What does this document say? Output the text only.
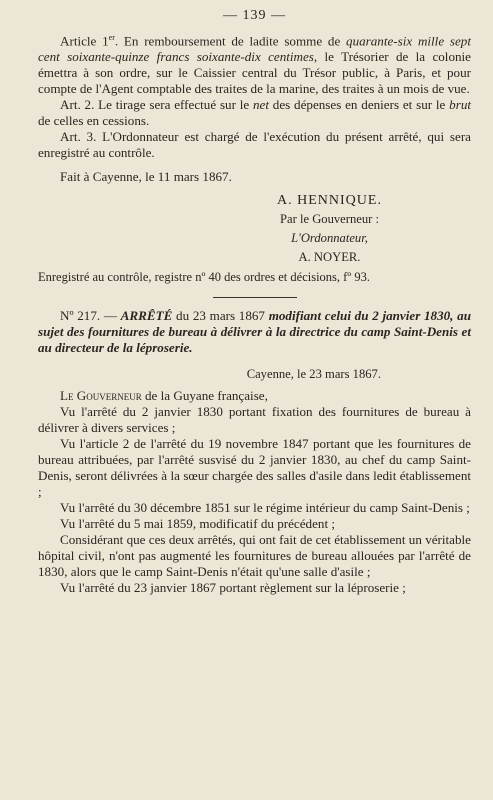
— 139 —

Article 1er. En remboursement de ladite somme de quarante-six mille sept cent soixante-quinze francs soixante-dix centimes, le Trésorier de la colonie émettra à son ordre, sur le Caissier central du Trésor public, à Paris, et pour compte de l'Agent comptable des traites de la marine, des traites à un mois de vue.

Art. 2. Le tirage sera effectué sur le net des dépenses en deniers et sur le brut de celles en cessions.

Art. 3. L'Ordonnateur est chargé de l'exécution du présent arrêté, qui sera enregistré au contrôle.

Fait à Cayenne, le 11 mars 1867.

A. HENNIQUE.
Par le Gouverneur :
L'Ordonnateur,
A. NOYER.

Enregistré au contrôle, registre nº 40 des ordres et décisions, fº 93.

Nº 217. — ARRÊTÉ du 23 mars 1867 modifiant celui du 2 janvier 1830, au sujet des fournitures de bureau à délivrer à la directrice du camp Saint-Denis et au directeur de la léproserie.

Cayenne, le 23 mars 1867.

Le Gouverneur de la Guyane française,

Vu l'arrêté du 2 janvier 1830 portant fixation des fournitures de bureau à délivrer à divers services ;

Vu l'article 2 de l'arrêté du 19 novembre 1847 portant que les fournitures de bureau attribuées, par l'arrêté susvisé du 2 janvier 1830, au chef du camp Saint-Denis, seront délivrées à la sœur chargée des salles d'asile dans ledit établissement ;

Vu l'arrêté du 30 décembre 1851 sur le régime intérieur du camp Saint-Denis ;

Vu l'arrêté du 5 mai 1859, modificatif du précédent ;

Considérant que ces deux arrêtés, qui ont fait de cet établissement un véritable hôpital civil, n'ont pas augmenté les fournitures de bureau allouées par l'arrêté de 1830, alors que le camp Saint-Denis n'était qu'une salle d'asile ;

Vu l'arrêté du 23 janvier 1867 portant règlement sur la léproserie ;
